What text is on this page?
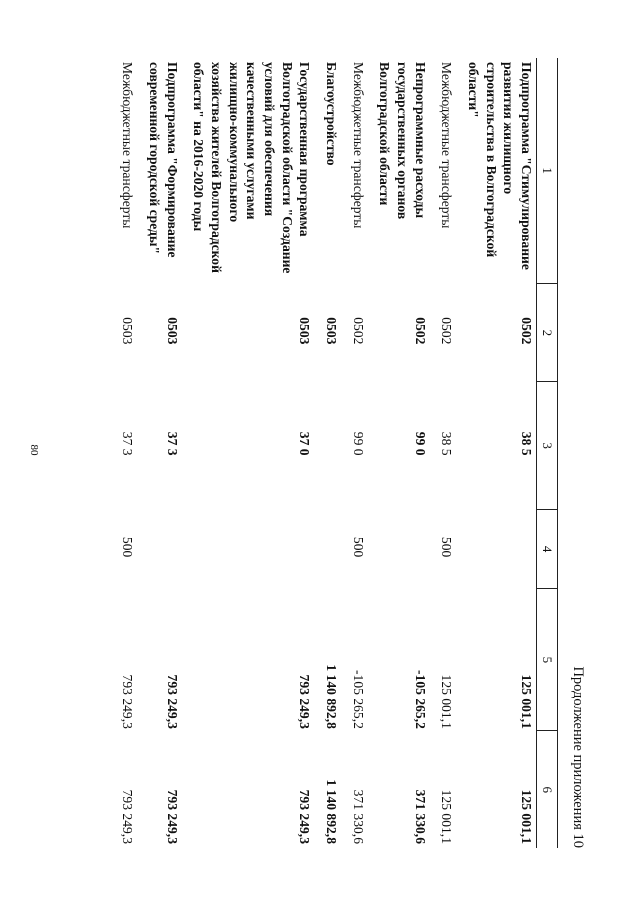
80
Продолжение приложения 10
1	2	3	4	5	6
Подпрограмма "Стимулирование развития жилищного строительства в Волгоградской области"	0502	38 5		125 001,1	125 001,1
Межбюджетные трансферты	0502	38 5	500	125 001,1	125 001,1
Непрограммные расходы государственных органов Волгоградской области	0502	99 0		-105 265,2	371 330,6
Межбюджетные трансферты	0502	99 0	500	-105 265,2	371 330,6
Благоустройство	0503			1 140 892,8	1 140 892,8
Государственная программа Волгоградской области "Создание условий для обеспечения качественными услугами жилищно-коммунального хозяйства жителей Волгоградской области" на 2016-2020 годы	0503	37 0		793 249,3	793 249,3
Подпрограмма "Формирование современной городской среды"	0503	37 3		793 249,3	793 249,3
Межбюджетные трансферты	0503	37 3	500	793 249,3	793 249,3
